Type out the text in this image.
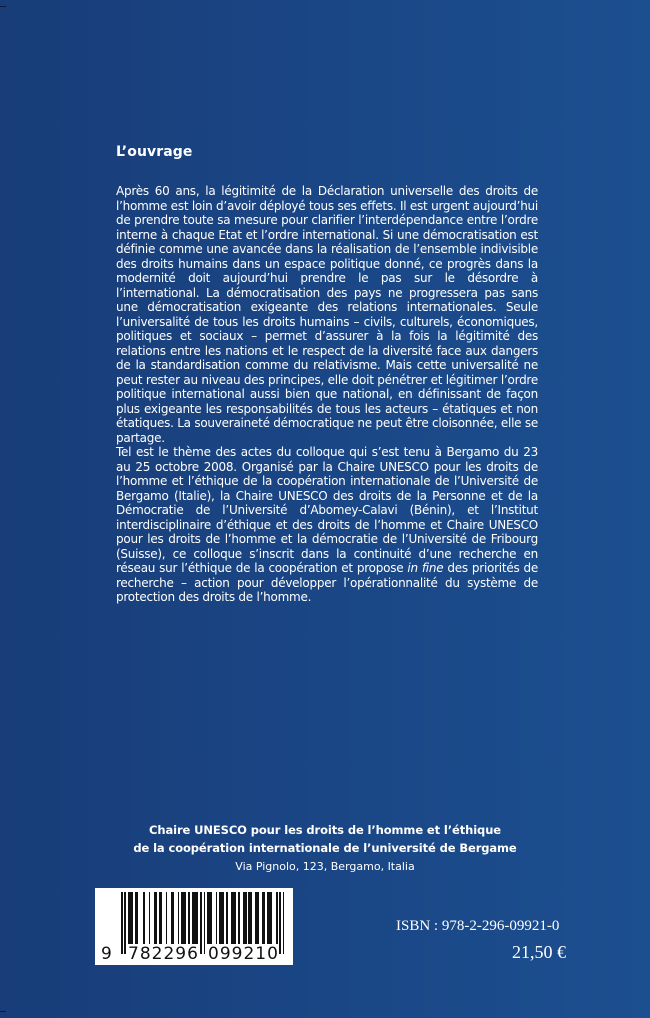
L’ouvrage

Après 60 ans, la légitimité de la Déclaration universelle des droits de l’homme est loin d’avoir déployé tous ses effets. Il est urgent aujourd’hui de prendre toute sa mesure pour clarifier l’interdépendance entre l’ordre interne à chaque Etat et l’ordre international. Si une démocratisation est définie comme une avancée dans la réalisation de l’ensemble indivisible des droits humains dans un espace politique donné, ce progrès dans la modernité doit aujourd’hui prendre le pas sur le désordre à l’international. La démocratisation des pays ne progressera pas sans une démocratisation exigeante des relations internationales. Seule l’universalité de tous les droits humains – civils, culturels, économiques, politiques et sociaux – permet d’assurer à la fois la légitimité des relations entre les nations et le respect de la diversité face aux dangers de la standardisation comme du relativisme. Mais cette universalité ne peut rester au niveau des principes, elle doit pénétrer et légitimer l’ordre politique international aussi bien que national, en définissant de façon plus exigeante les responsabilités de tous les acteurs – étatiques et non étatiques. La souveraineté démocratique ne peut être cloisonnée, elle se partage.

Tel est le thème des actes du colloque qui s’est tenu à Bergamo du 23 au 25 octobre 2008. Organisé par la Chaire UNESCO pour les droits de l’homme et l’éthique de la coopération internationale de l’Université de Bergamo (Italie), la Chaire UNESCO des droits de la Personne et de la Démocratie de l’Université d’Abomey-Calavi (Bénin), et l’Institut interdisciplinaire d’éthique et des droits de l’homme et Chaire UNESCO pour les droits de l’homme et la démocratie de l’Université de Fribourg (Suisse), ce colloque s’inscrit dans la continuité d’une recherche en réseau sur l’éthique de la coopération et propose in fine des priorités de recherche – action pour développer l’opérationnalité du système de protection des droits de l’homme.

Chaire UNESCO pour les droits de l’homme et l’éthique
de la coopération internationale de l’université de Bergame
Via Pignolo, 123, Bergamo, Italia
9 782296 099210
ISBN : 978-2-296-09921-0
21,50 €
